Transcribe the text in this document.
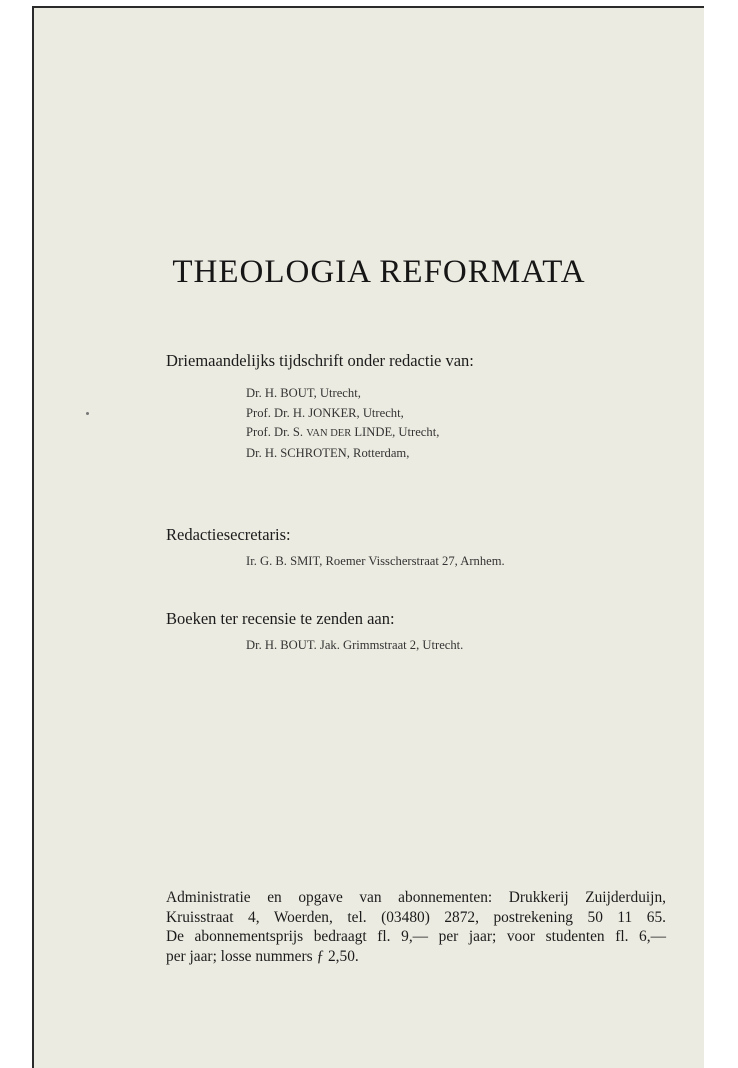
THEOLOGIA REFORMATA
Driemaandelijks tijdschrift onder redactie van:
Dr. H. BOUT, Utrecht,
Prof. Dr. H. JONKER, Utrecht,
Prof. Dr. S. VAN DER LINDE, Utrecht,
Dr. H. SCHROTEN, Rotterdam,
Redactiesecretaris:
Ir. G. B. SMIT, Roemer Visscherstraat 27, Arnhem.
Boeken ter recensie te zenden aan:
Dr. H. BOUT. Jak. Grimmstraat 2, Utrecht.
Administratie en opgave van abonnementen: Drukkerij Zuijderduijn,
Kruisstraat 4, Woerden, tel. (03480) 2872, postrekening 50 11 65.
De abonnementsprijs bedraagt fl. 9,— per jaar; voor studenten fl. 6,—
per jaar; losse nummers ƒ 2,50.
